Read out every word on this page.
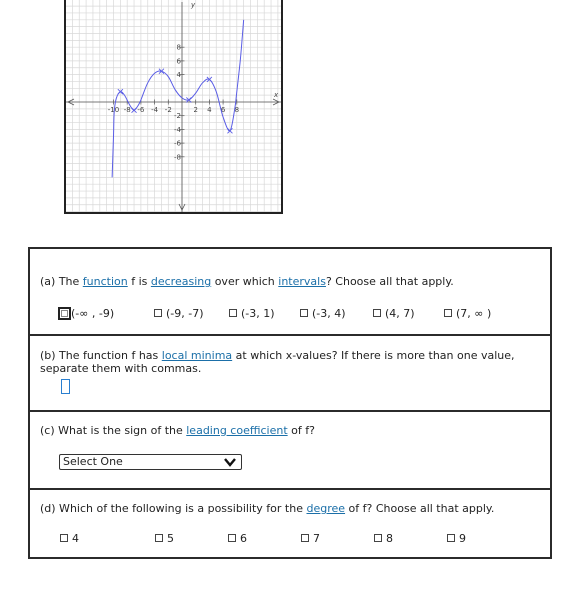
-10 -8 -6 -4 -2	2 4 6 8
8
6
4
-2
-4
-6
-8
y
x
(a) The function f is decreasing over which intervals? Choose all that apply.
(-∞ , -9)	(-9, -7)	(-3, 1)	(-3, 4)	(4, 7)	(7, ∞ )
(b) The function f has local minima at which x-values? If there is more than one value, separate them with commas.
(c) What is the sign of the leading coefficient of f?
Select One
(d) Which of the following is a possibility for the degree of f? Choose all that apply.
4	5	6	7	8	9
